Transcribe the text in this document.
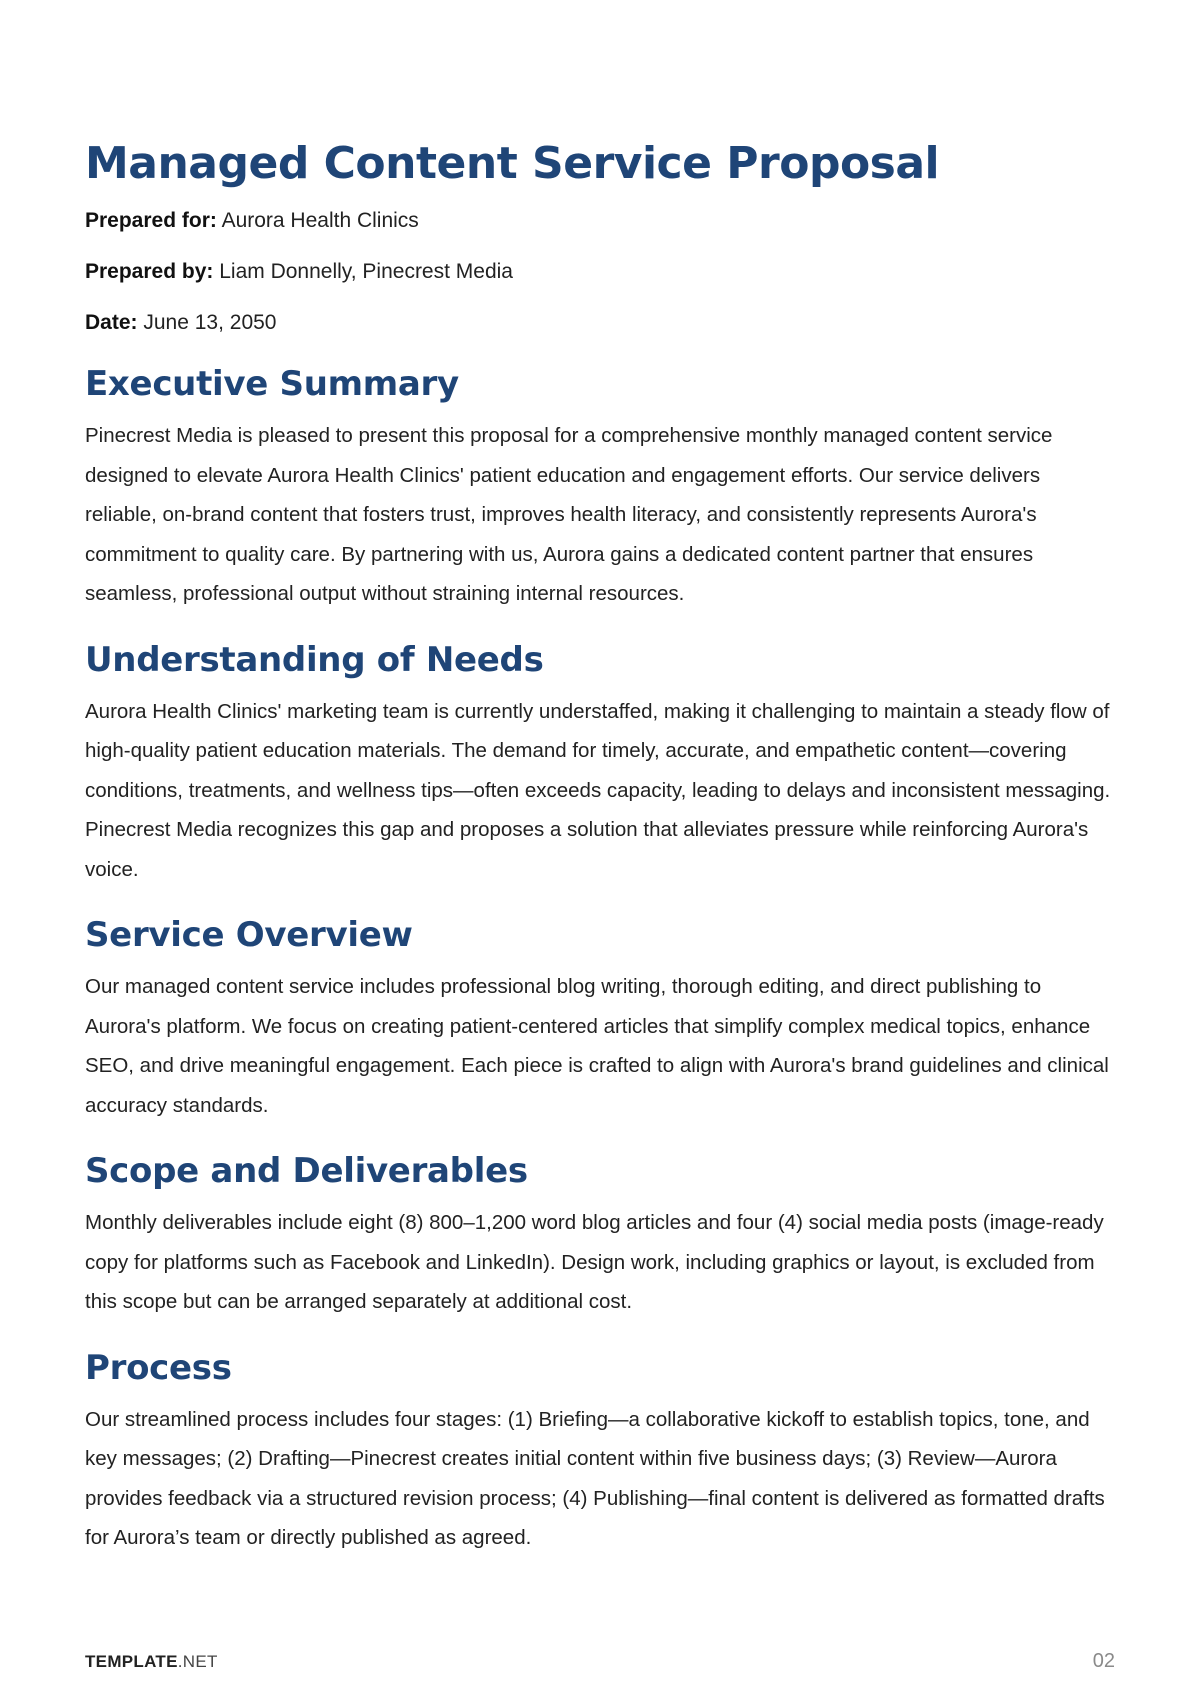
Managed Content Service Proposal

Prepared for: Aurora Health Clinics

Prepared by: Liam Donnelly, Pinecrest Media

Date: June 13, 2050

Executive Summary

Pinecrest Media is pleased to present this proposal for a comprehensive monthly managed content service designed to elevate Aurora Health Clinics' patient education and engagement efforts. Our service delivers reliable, on-brand content that fosters trust, improves health literacy, and consistently represents Aurora's commitment to quality care. By partnering with us, Aurora gains a dedicated content partner that ensures seamless, professional output without straining internal resources.

Understanding of Needs

Aurora Health Clinics' marketing team is currently understaffed, making it challenging to maintain a steady flow of high-quality patient education materials. The demand for timely, accurate, and empathetic content—covering conditions, treatments, and wellness tips—often exceeds capacity, leading to delays and inconsistent messaging. Pinecrest Media recognizes this gap and proposes a solution that alleviates pressure while reinforcing Aurora's voice.

Service Overview

Our managed content service includes professional blog writing, thorough editing, and direct publishing to Aurora's platform. We focus on creating patient-centered articles that simplify complex medical topics, enhance SEO, and drive meaningful engagement. Each piece is crafted to align with Aurora's brand guidelines and clinical accuracy standards.

Scope and Deliverables

Monthly deliverables include eight (8) 800–1,200 word blog articles and four (4) social media posts (image-ready copy for platforms such as Facebook and LinkedIn). Design work, including graphics or layout, is excluded from this scope but can be arranged separately at additional cost.

Process

Our streamlined process includes four stages: (1) Briefing—a collaborative kickoff to establish topics, tone, and key messages; (2) Drafting—Pinecrest creates initial content within five business days; (3) Review—Aurora provides feedback via a structured revision process; (4) Publishing—final content is delivered as formatted drafts for Aurora’s team or directly published as agreed.

TEMPLATE.NET	02
